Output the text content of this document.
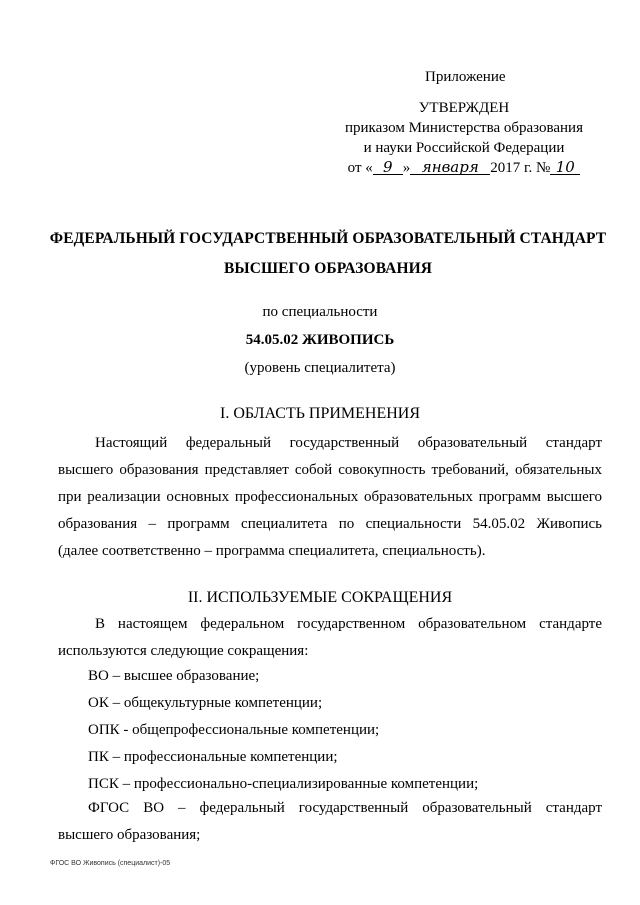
Приложение
УТВЕРЖДЕН
приказом Министерства образования
и науки Российской Федерации
от « 9 » января 2017 г. № 10
ФЕДЕРАЛЬНЫЙ ГОСУДАРСТВЕННЫЙ ОБРАЗОВАТЕЛЬНЫЙ СТАНДАРТ
ВЫСШЕГО ОБРАЗОВАНИЯ
по специальности
54.05.02 ЖИВОПИСЬ
(уровень специалитета)
I. ОБЛАСТЬ ПРИМЕНЕНИЯ
Настоящий федеральный государственный образовательный стандарт
высшего образования представляет собой совокупность требований, обязательных
при реализации основных профессиональных образовательных программ высшего
образования – программ специалитета по специальности 54.05.02 Живопись
(далее соответственно – программа специалитета, специальность).
II. ИСПОЛЬЗУЕМЫЕ СОКРАЩЕНИЯ
В настоящем федеральном государственном образовательном стандарте
используются следующие сокращения:
ВО – высшее образование;
ОК – общекультурные компетенции;
ОПК - общепрофессиональные компетенции;
ПК – профессиональные компетенции;
ПСК – профессионально-специализированные компетенции;
ФГОС ВО – федеральный государственный образовательный стандарт
высшего образования;
ФГОС ВО Живопись (специалист)-05
